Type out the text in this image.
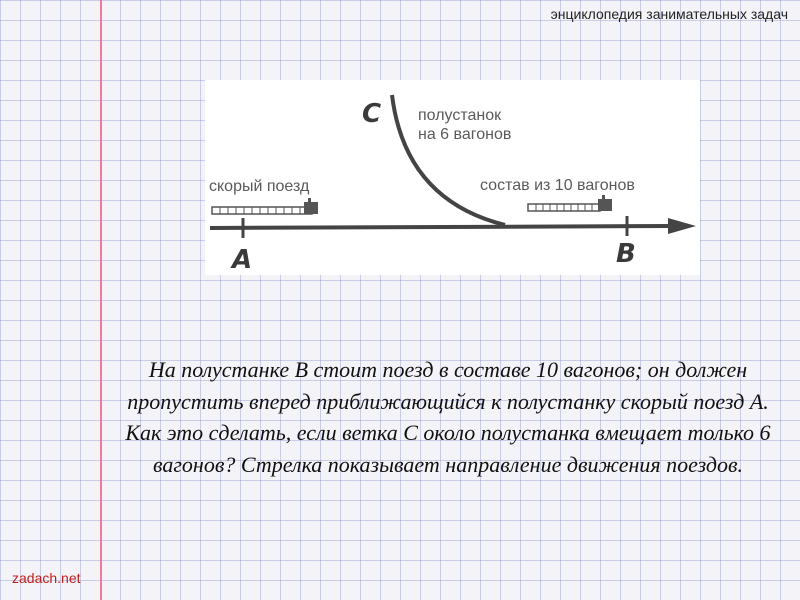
энциклопедия занимательных задач
C
A	B
полустанок
на 6 вагонов
скорый поезд	состав из 10 вагонов
На полустанке B стоит поезд в составе 10 вагонов; он должен пропустить вперед приближающийся к полустанку скорый поезд A. Как это сделать, если ветка C около полустанка вмещает только 6 вагонов? Стрелка показывает направление движения поездов.
zadach.net
